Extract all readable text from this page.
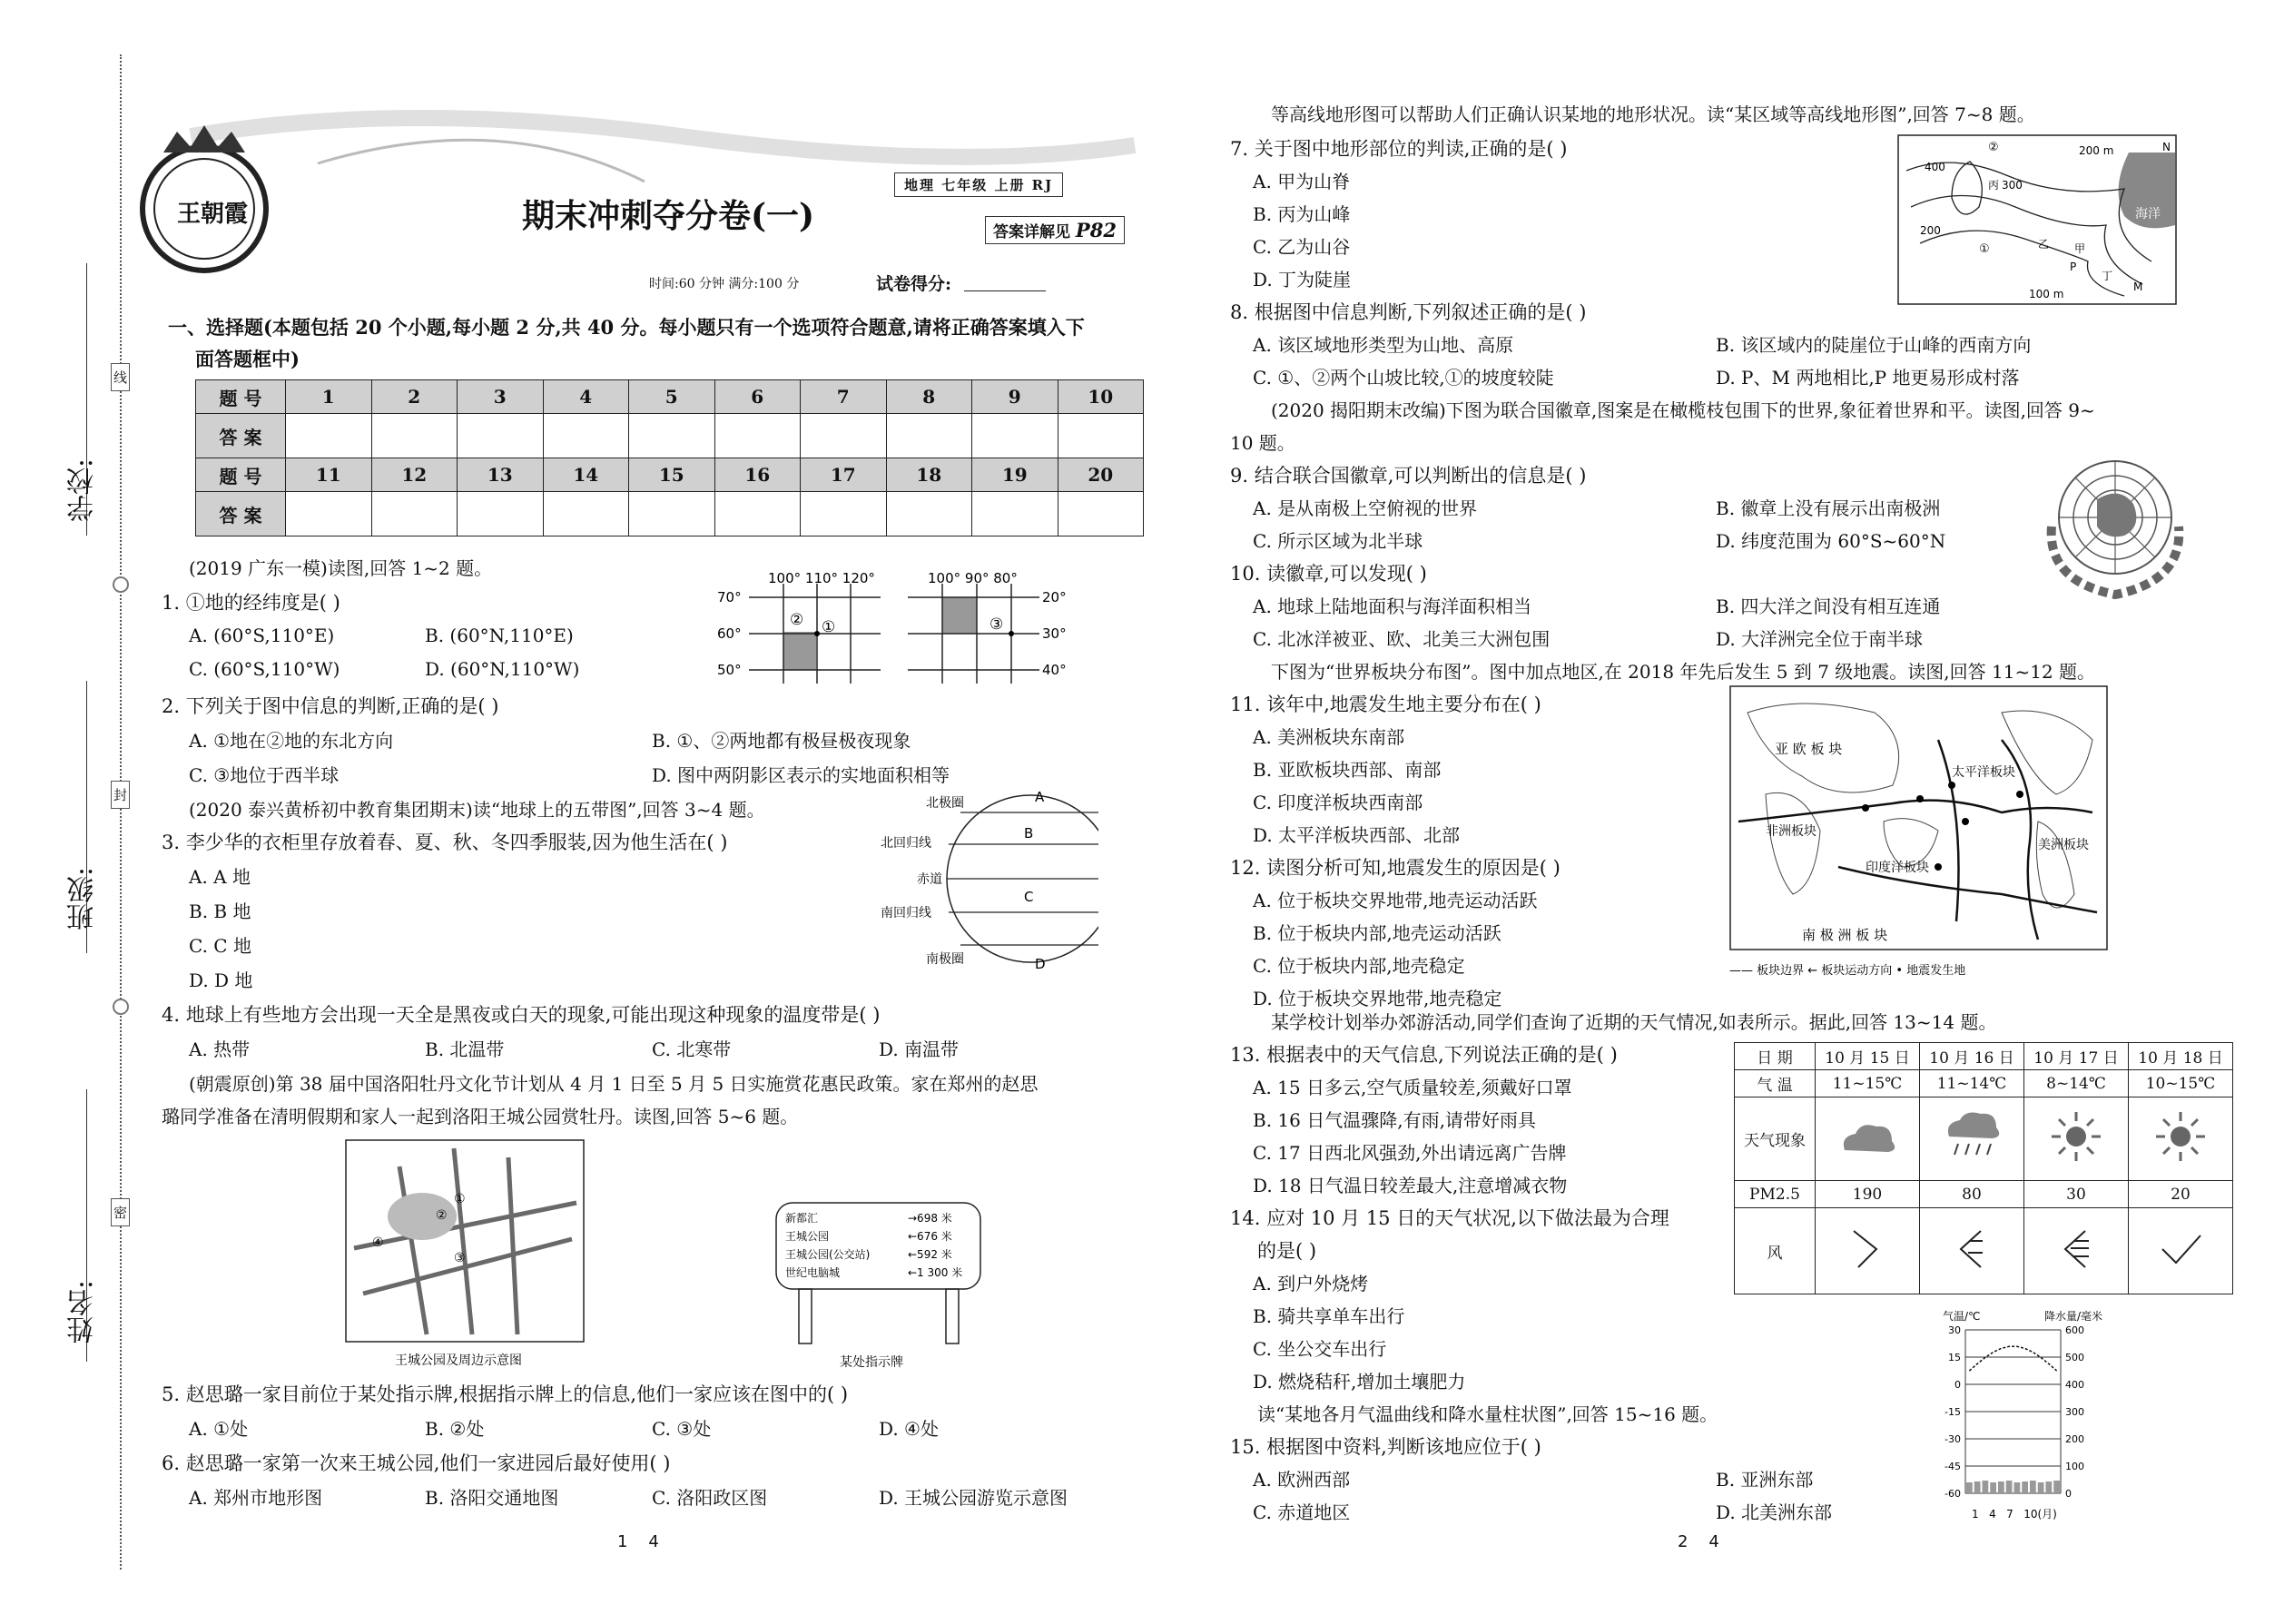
学校:
班级:
姓名:
线
封
密
王朝霞
地理 七年级 上册 RJ
期末冲刺夺分卷(一)	答案详解见 P82
时间:60 分钟 满分:100 分	试卷得分:
一、选择题(本题包括 20 个小题,每小题 2 分,共 40 分。每小题只有一个选项符合题意,请将正确答案填入下
面答题框中)
题 号	1	2	3	4	5	6	7	8	9	10
答 案										
题 号	11	12	13	14	15	16	17	18	19	20
答 案										
(2019 广东一模)读图,回答 1~2 题。
1. ①地的经纬度是( )
A. (60°S,110°E)	B. (60°N,110°E)
C. (60°S,110°W)	D. (60°N,110°W)
2. 下列关于图中信息的判断,正确的是( )
A. ①地在②地的东北方向	B. ①、②两地都有极昼极夜现象
C. ③地位于西半球	D. 图中两阴影区表示的实地面积相等
100° 110° 120°
70°
60°
50°
② ①
100° 90° 80°
20°
30°
40°
③
(2020 泰兴黄桥初中教育集团期末)读“地球上的五带图”,回答 3~4 题。
3. 李少华的衣柜里存放着春、夏、秋、冬四季服装,因为他生活在( )
A. A 地
B. B 地
C. C 地
D. D 地
北极圈
北回归线
赤道
南回归线
南极圈
A
B
C
D
4. 地球上有些地方会出现一天全是黑夜或白天的现象,可能出现这种现象的温度带是( )
A. 热带	B. 北温带	C. 北寒带	D. 南温带
(朝震原创)第 38 届中国洛阳牡丹文化节计划从 4 月 1 日至 5 月 5 日实施赏花惠民政策。家在郑州的赵思
璐同学准备在清明假期和家人一起到洛阳王城公园赏牡丹。读图,回答 5~6 题。
①
②
③
④
王城公园及周边示意图
新都汇	→698 米
王城公园	←676 米
王城公园(公交站)	←592 米
世纪电脑城	←1 300 米
某处指示牌
5. 赵思璐一家目前位于某处指示牌,根据指示牌上的信息,他们一家应该在图中的( )
A. ①处	B. ②处	C. ③处	D. ④处
6. 赵思璐一家第一次来王城公园,他们一家进园后最好使用( )
A. 郑州市地形图	B. 洛阳交通地图	C. 洛阳政区图	D. 王城公园游览示意图
1    4
等高线地形图可以帮助人们正确认识某地的地形状况。读“某区域等高线地形图”,回答 7~8 题。
7. 关于图中地形部位的判读,正确的是( )
A. 甲为山脊
B. 丙为山峰
C. 乙为山谷
D. 丁为陡崖
海洋
200 m
200
400
300
100 m
P
M
甲
乙
丙
丁
①
②	N
8. 根据图中信息判断,下列叙述正确的是( )
A. 该区域地形类型为山地、高原	B. 该区域内的陡崖位于山峰的西南方向
C. ①、②两个山坡比较,①的坡度较陡	D. P、M 两地相比,P 地更易形成村落
(2020 揭阳期末改编)下图为联合国徽章,图案是在橄榄枝包围下的世界,象征着世界和平。读图,回答 9~
10 题。
9. 结合联合国徽章,可以判断出的信息是( )
A. 是从南极上空俯视的世界	B. 徽章上没有展示出南极洲
C. 所示区域为北半球	D. 纬度范围为 60°S~60°N
10. 读徽章,可以发现( )
A. 地球上陆地面积与海洋面积相当	B. 四大洋之间没有相互连通
C. 北冰洋被亚、欧、北美三大洲包围	D. 大洋洲完全位于南半球
下图为“世界板块分布图”。图中加点地区,在 2018 年先后发生 5 到 7 级地震。读图,回答 11~12 题。
11. 该年中,地震发生地主要分布在( )
A. 美洲板块东南部
B. 亚欧板块西部、南部
C. 印度洋板块西南部
D. 太平洋板块西部、北部
12. 读图分析可知,地震发生的原因是( )
A. 位于板块交界地带,地壳运动活跃
B. 位于板块内部,地壳运动活跃
C. 位于板块内部,地壳稳定
D. 位于板块交界地带,地壳稳定
亚 欧 板 块
非洲板块
太平洋板块
印度洋板块
南 极 洲 板 块
美洲板块
—— 板块边界 ← 板块运动方向 • 地震发生地
某学校计划举办郊游活动,同学们查询了近期的天气情况,如表所示。据此,回答 13~14 题。
13. 根据表中的天气信息,下列说法正确的是( )
A. 15 日多云,空气质量较差,须戴好口罩
B. 16 日气温骤降,有雨,请带好雨具
C. 17 日西北风强劲,外出请远离广告牌
D. 18 日气温日较差最大,注意增减衣物
日 期	10 月 15 日	10 月 16 日	10 月 17 日	10 月 18 日
气 温	11~15℃	11~14℃	8~14℃	10~15℃
天气现象				
PM2.5	190	80	30	20
风				
14. 应对 10 月 15 日的天气状况,以下做法最为合理
的是( )
A. 到户外烧烤
B. 骑共享单车出行
C. 坐公交车出行
D. 燃烧秸秆,增加土壤肥力
读“某地各月气温曲线和降水量柱状图”,回答 15~16 题。
15. 根据图中资料,判断该地应位于( )
A. 欧洲西部	B. 亚洲东部
C. 赤道地区	D. 北美洲东部
气温/℃	降水量/毫米
30	600
15	500
0	400
-15	300
-30	200
-45	100
-60	0
1   4   7   10(月)
2    4
